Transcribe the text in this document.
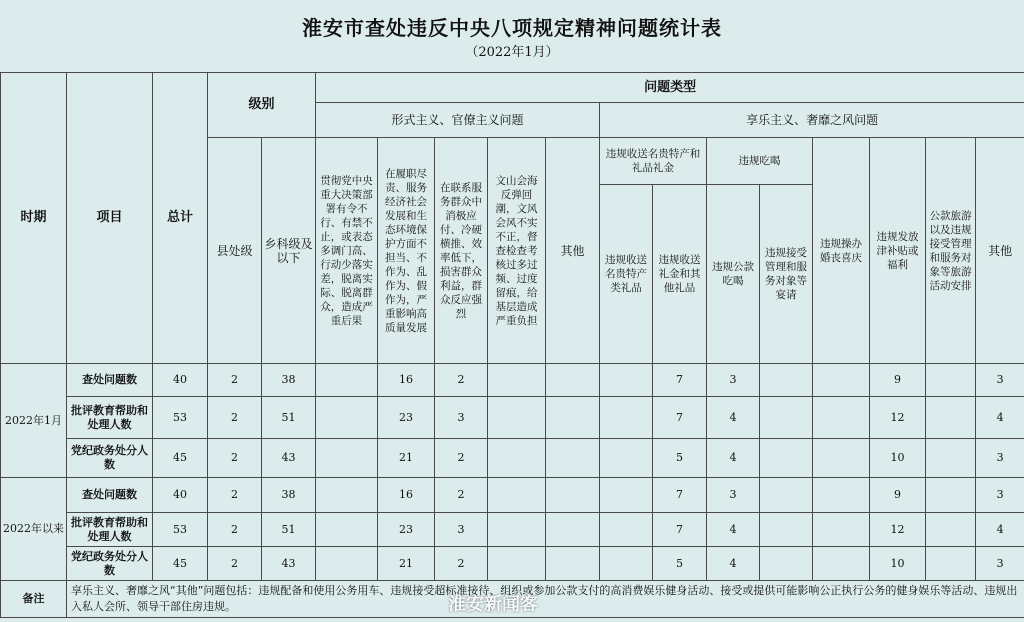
淮安市查处违反中央八项规定精神问题统计表
（2022年1月）
时期	项目	总计	级别		问题类型												
					形式主义、官僚主义问题					享乐主义、奢靡之风问题							
			县处级	乡科级及以下	贯彻党中央重大决策部署有令不行、有禁不止，或表态多调门高、行动少落实差，脱离实际、脱离群众，造成严重后果	在履职尽责、服务经济社会发展和生态环境保护方面不担当、不作为、乱作为、假作为，严重影响高质量发展	在联系服务群众中消极应付、冷硬横推、效率低下，损害群众利益，群众反应强烈	文山会海反弹回潮，文风会风不实不正，督查检查考核过多过频、过度留痕，给基层造成严重负担	其他	违规收送名贵特产和礼品礼金		违规吃喝		违规操办婚丧喜庆	违规发放津补贴或福利	公款旅游以及违规接受管理和服务对象等旅游活动安排	其他
										违规收送名贵特产类礼品	违规收送礼金和其他礼品	违规公款吃喝	违规接受管理和服务对象等宴请				
2022年1月	查处问题数	40	2	38		16	2				7	3			9		3
	批评教育帮助和处理人数	53	2	51		23	3				7	4			12		4
	党纪政务处分人数	45	2	43		21	2				5	4			10		3
2022年以来	查处问题数	40	2	38		16	2				7	3			9		3
	批评教育帮助和处理人数	53	2	51		23	3				7	4			12		4
	党纪政务处分人数	45	2	43		21	2				5	4			10		3
备注	享乐主义、奢靡之风“其他”问题包括：违规配备和使用公务用车、违规接受超标准接待、组织或参加公款支付的高消费娱乐健身活动、接受或提供可能影响公正执行公务的健身娱乐等活动、违规出入私人会所、领导干部住房违规。																	淮安新闻客
